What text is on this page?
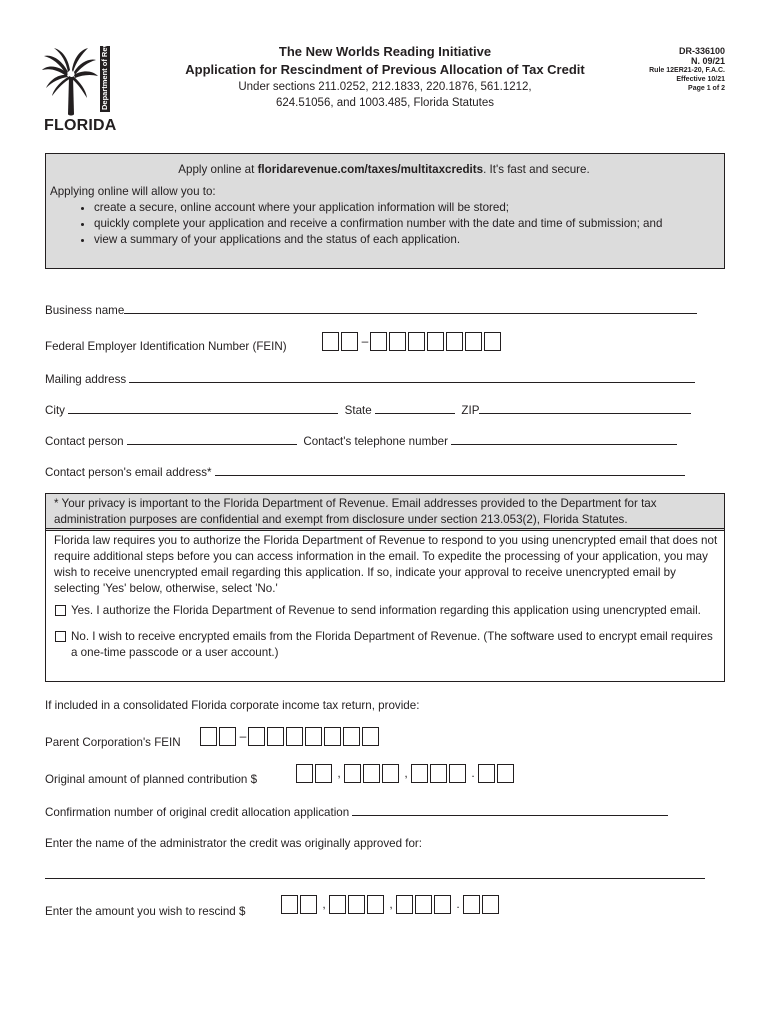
Department of Revenue
FLORIDA
The New Worlds Reading Initiative
Application for Rescindment of Previous Allocation of Tax Credit
Under sections 211.0252, 212.1833, 220.1876, 561.1212,
624.51056, and 1003.485, Florida Statutes
DR-336100
N. 09/21
Rule 12ER21-20, F.A.C.
Effective 10/21
Page 1 of 2
Apply online at floridarevenue.com/taxes/multitaxcredits. It's fast and secure.
Applying online will allow you to:
• create a secure, online account where your application information will be stored;
• quickly complete your application and receive a confirmation number with the date and time of submission; and
• view a summary of your applications and the status of each application.
Business name
Federal Employer Identification Number (FEIN)	–
Mailing address
City	State	ZIP
Contact person	Contact's telephone number
Contact person's email address*
* Your privacy is important to the Florida Department of Revenue. Email addresses provided to the Department for tax administration purposes are confidential and exempt from disclosure under section 213.053(2), Florida Statutes.
Florida law requires you to authorize the Florida Department of Revenue to respond to you using unencrypted email that does not require additional steps before you can access information in the email. To expedite the processing of your application, you may wish to receive unencrypted email regarding this application. If so, indicate your approval to receive unencrypted email by selecting 'Yes' below, otherwise, select 'No.'
Yes. I authorize the Florida Department of Revenue to send information regarding this application using unencrypted email.
No. I wish to receive encrypted emails from the Florida Department of Revenue. (The software used to encrypt email requires a one-time passcode or a user account.)
If included in a consolidated Florida corporate income tax return, provide:
Parent Corporation's FEIN	–
Original amount of planned contribution $	,	,	.
Confirmation number of original credit allocation application
Enter the name of the administrator the credit was originally approved for:
Enter the amount you wish to rescind $
,	,	.
